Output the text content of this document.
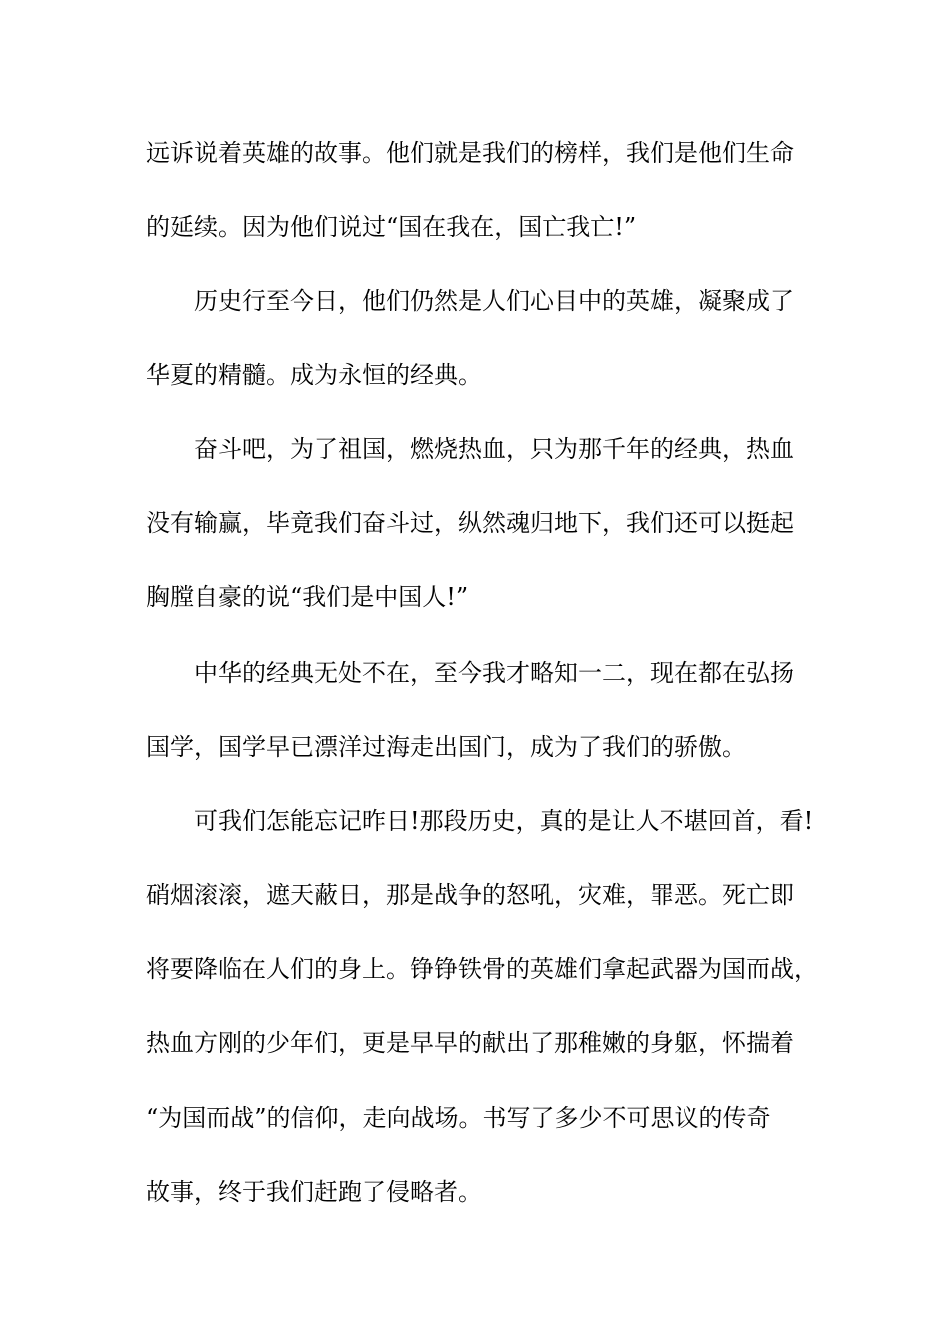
远诉说着英雄的故事。他们就是我们的榜样，我们是他们生命
的延续。因为他们说过“国在我在，国亡我亡!”
历史行至今日，他们仍然是人们心目中的英雄，凝聚成了
华夏的精髓。成为永恒的经典。
奋斗吧，为了祖国，燃烧热血，只为那千年的经典，热血
没有输赢，毕竟我们奋斗过，纵然魂归地下，我们还可以挺起
胸膛自豪的说“我们是中国人!”
中华的经典无处不在，至今我才略知一二，现在都在弘扬
国学，国学早已漂洋过海走出国门，成为了我们的骄傲。
可我们怎能忘记昨日!那段历史，真的是让人不堪回首，看!
硝烟滚滚，遮天蔽日，那是战争的怒吼，灾难，罪恶。死亡即
将要降临在人们的身上。铮铮铁骨的英雄们拿起武器为国而战，
热血方刚的少年们，更是早早的献出了那稚嫩的身躯，怀揣着
“为国而战”的信仰，走向战场。书写了多少不可思议的传奇
故事，终于我们赶跑了侵略者。
